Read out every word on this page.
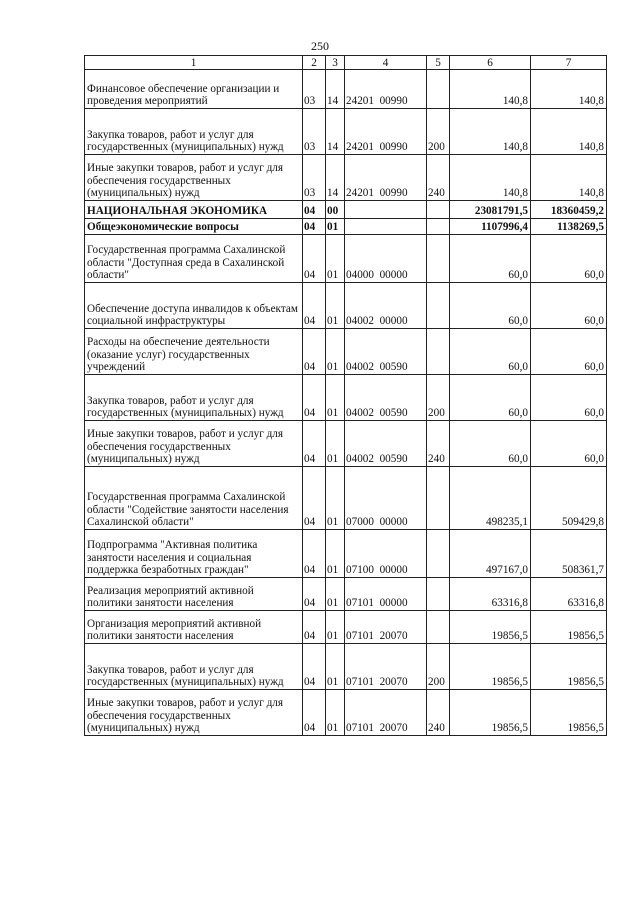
250
1	2	3	4	5	6	7
Финансовое обеспечение организации и проведения мероприятий	03	14	24201  00990		140,8	140,8
Закупка товаров, работ и услуг для государственных (муниципальных) нужд	03	14	24201  00990	200	140,8	140,8
Иные закупки товаров, работ и услуг для обеспечения государственных (муниципальных) нужд	03	14	24201  00990	240	140,8	140,8
НАЦИОНАЛЬНАЯ ЭКОНОМИКА	04	00			23081791,5	18360459,2
Общеэкономические вопросы	04	01			1107996,4	1138269,5
Государственная программа Сахалинской области "Доступная среда в Сахалинской области"	04	01	04000  00000		60,0	60,0
Обеспечение доступа инвалидов к объектам социальной инфраструктуры	04	01	04002  00000		60,0	60,0
Расходы на обеспечение деятельности (оказание услуг) государственных учреждений	04	01	04002  00590		60,0	60,0
Закупка товаров, работ и услуг для государственных (муниципальных) нужд	04	01	04002  00590	200	60,0	60,0
Иные закупки товаров, работ и услуг для обеспечения государственных (муниципальных) нужд	04	01	04002  00590	240	60,0	60,0
Государственная программа Сахалинской области "Содействие занятости населения Сахалинской области"	04	01	07000  00000		498235,1	509429,8
Подпрограмма "Активная политика занятости населения и социальная поддержка безработных граждан"	04	01	07100  00000		497167,0	508361,7
Реализация мероприятий активной политики занятости населения	04	01	07101  00000		63316,8	63316,8
Организация мероприятий активной политики занятости населения	04	01	07101  20070		19856,5	19856,5
Закупка товаров, работ и услуг для государственных (муниципальных) нужд	04	01	07101  20070	200	19856,5	19856,5
Иные закупки товаров, работ и услуг для обеспечения государственных (муниципальных) нужд	04	01	07101  20070	240	19856,5	19856,5
